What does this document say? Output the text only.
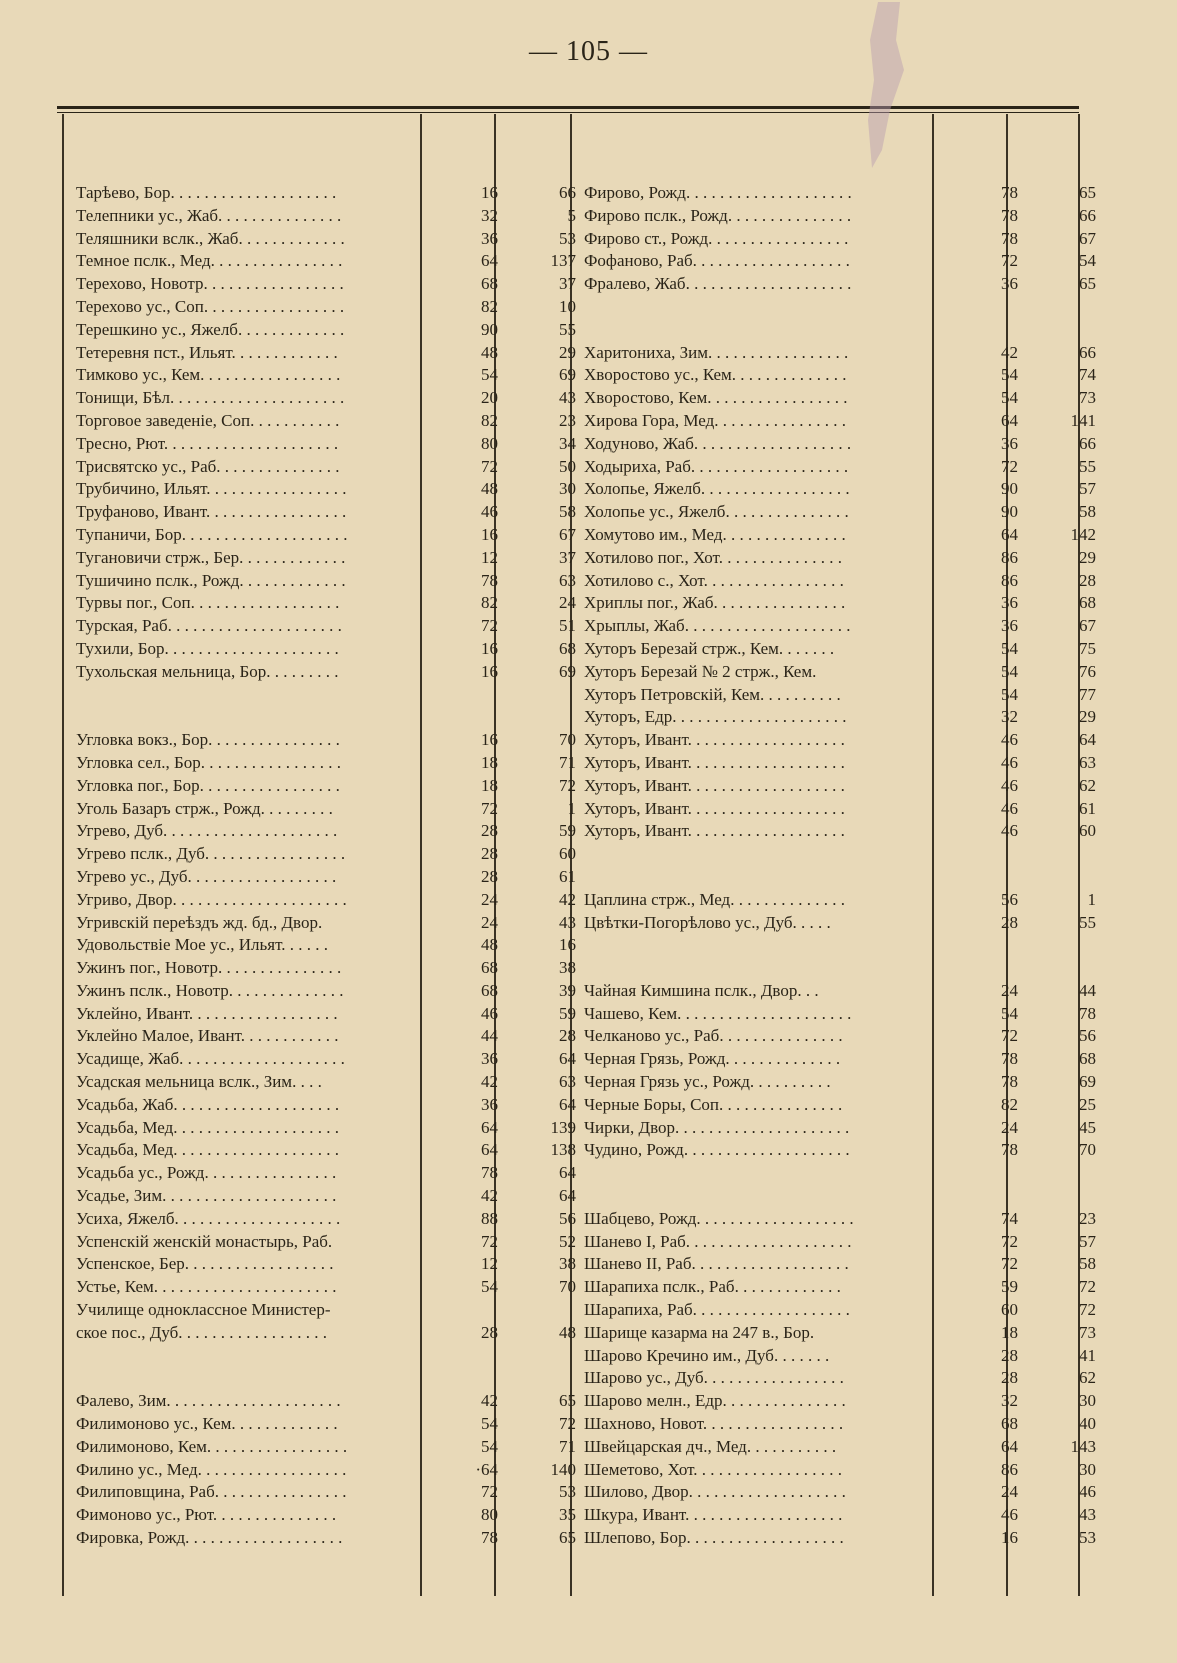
— 105 —
Тарѣево, Бор. . . . . . . . . . . . . . . . . . . .	16	66
Телепники ус., Жаб. . . . . . . . . . . . . . .	32	5
Теляшники вслк., Жаб. . . . . . . . . . . . .	36	53
Темное пслк., Мед. . . . . . . . . . . . . . . .	64	137
Терехово, Новотр. . . . . . . . . . . . . . . . .	68	37
Терехово ус., Соп. . . . . . . . . . . . . . . . .	82	10
Терешкино ус., Яжелб. . . . . . . . . . . . .	90	55
Тетеревня пст., Ильят. . . . . . . . . . . . .	48	29
Тимково ус., Кем. . . . . . . . . . . . . . . . .	54	69
Тонищи, Бѣл. . . . . . . . . . . . . . . . . . . . .	20	43
Торговое заведеніе, Соп. . . . . . . . . . .	82	23
Тресно, Рют. . . . . . . . . . . . . . . . . . . . .	80	34
Трисвятско ус., Раб. . . . . . . . . . . . . . .	72	50
Трубичино, Ильят. . . . . . . . . . . . . . . . .	48	30
Труфаново, Ивант. . . . . . . . . . . . . . . . .	46	58
Тупаничи, Бор. . . . . . . . . . . . . . . . . . . .	16	67
Тугановичи стрж., Бер. . . . . . . . . . . . .	12	37
Тушичино пслк., Рожд. . . . . . . . . . . . .	78	63
Турвы пог., Соп. . . . . . . . . . . . . . . . . .	82	24
Турская, Раб. . . . . . . . . . . . . . . . . . . . .	72	51
Тухили, Бор. . . . . . . . . . . . . . . . . . . . .	16	68
Тухольская мельница, Бор. . . . . . . . .	16	69
Угловка вокз., Бор. . . . . . . . . . . . . . . .	16	70
Угловка сел., Бор. . . . . . . . . . . . . . . . .	18	71
Угловка пог., Бор. . . . . . . . . . . . . . . . .	18	72
Уголь Базаръ стрж., Рожд. . . . . . . . .	72	1
Угрево, Дуб. . . . . . . . . . . . . . . . . . . . .	28	59
Угрево пслк., Дуб. . . . . . . . . . . . . . . . .	28	60
Угрево ус., Дуб. . . . . . . . . . . . . . . . . .	28	61
Угриво, Двор. . . . . . . . . . . . . . . . . . . . .	24	42
Угривскій переѣздъ жд. бд., Двор.	24	43
Удовольствіе Мое ус., Ильят. . . . . .	48	16
Ужинъ пог., Новотр. . . . . . . . . . . . . . .	68	38
Ужинъ пслк., Новотр. . . . . . . . . . . . . .	68	39
Уклейно, Ивант. . . . . . . . . . . . . . . . . .	46	59
Уклейно Малое, Ивант. . . . . . . . . . . .	44	28
Усадище, Жаб. . . . . . . . . . . . . . . . . . . .	36	64
Усадская мельница вслк., Зим. . . .	42	63
Усадьба, Жаб. . . . . . . . . . . . . . . . . . . .	36	64
Усадьба, Мед. . . . . . . . . . . . . . . . . . . .	64	139
Усадьба, Мед. . . . . . . . . . . . . . . . . . . .	64	138
Усадьба ус., Рожд. . . . . . . . . . . . . . . .	78	64
Усадье, Зим. . . . . . . . . . . . . . . . . . . . .	42	64
Усиха, Яжелб. . . . . . . . . . . . . . . . . . . .	88	56
Успенскій женскій монастырь, Раб.	72	52
Успенское, Бер. . . . . . . . . . . . . . . . . .	12	38
Устье, Кем. . . . . . . . . . . . . . . . . . . . . .	54	70
Училище одноклассное Министер-
ское пос., Дуб. . . . . . . . . . . . . . . . . .	28	48
Фалево, Зим. . . . . . . . . . . . . . . . . . . . .	42	65
Филимоново ус., Кем. . . . . . . . . . . . .	54	72
Филимоново, Кем. . . . . . . . . . . . . . . . .	54	71
Филино ус., Мед. . . . . . . . . . . . . . . . . .	·64	140
Филиповщина, Раб. . . . . . . . . . . . . . . .	72	53
Фимоново ус., Рют. . . . . . . . . . . . . . .	80	35
Фировка, Рожд. . . . . . . . . . . . . . . . . . .	78	65
Фирово, Рожд. . . . . . . . . . . . . . . . . . . .	78	65
Фирово пслк., Рожд. . . . . . . . . . . . . . .	78	66
Фирово ст., Рожд. . . . . . . . . . . . . . . . .	78	67
Фофаново, Раб. . . . . . . . . . . . . . . . . . .	72	54
Фралево, Жаб. . . . . . . . . . . . . . . . . . . .	36	65
Харитониха, Зим. . . . . . . . . . . . . . . . .	42	66
Хворостово ус., Кем. . . . . . . . . . . . . .	54	74
Хворостово, Кем. . . . . . . . . . . . . . . . .	54	73
Хирова Гора, Мед. . . . . . . . . . . . . . . .	64	141
Ходуново, Жаб. . . . . . . . . . . . . . . . . . .	36	66
Ходыриха, Раб. . . . . . . . . . . . . . . . . . .	72	55
Холопье, Яжелб. . . . . . . . . . . . . . . . . .	90	57
Холопье ус., Яжелб. . . . . . . . . . . . . . .	90	58
Хомутово им., Мед. . . . . . . . . . . . . . .	64	142
Хотилово пог., Хот. . . . . . . . . . . . . . .	86	29
Хотилово с., Хот. . . . . . . . . . . . . . . . .	86	28
Хриплы пог., Жаб. . . . . . . . . . . . . . . .	36	68
Хрыплы, Жаб. . . . . . . . . . . . . . . . . . . .	36	67
Хуторъ Березай стрж., Кем. . . . . . .	54	75
Хуторъ Березай № 2 стрж., Кем.	54	76
Хуторъ Петровскій, Кем. . . . . . . . . .	54	77
Хуторъ, Едр. . . . . . . . . . . . . . . . . . . . .	32	29
Хуторъ, Ивант. . . . . . . . . . . . . . . . . . .	46	64
Хуторъ, Ивант. . . . . . . . . . . . . . . . . . .	46	63
Хуторъ, Ивант. . . . . . . . . . . . . . . . . . .	46	62
Хуторъ, Ивант. . . . . . . . . . . . . . . . . . .	46	61
Хуторъ, Ивант. . . . . . . . . . . . . . . . . . .	46	60
Цаплина стрж., Мед. . . . . . . . . . . . . .	56	1
Цвѣтки-Погорѣлово ус., Дуб. . . . .	28	55
Чайная Кимшина пслк., Двор. . .	24	44
Чашево, Кем. . . . . . . . . . . . . . . . . . . . .	54	78
Челканово ус., Раб. . . . . . . . . . . . . . .	72	56
Черная Грязь, Рожд. . . . . . . . . . . . . .	78	68
Черная Грязь ус., Рожд. . . . . . . . . .	78	69
Черные Боры, Соп. . . . . . . . . . . . . . .	82	25
Чирки, Двор. . . . . . . . . . . . . . . . . . . . .	24	45
Чудино, Рожд. . . . . . . . . . . . . . . . . . . .	78	70
Шабцево, Рожд. . . . . . . . . . . . . . . . . . .	74	23
Шанево I, Раб. . . . . . . . . . . . . . . . . . . .	72	57
Шанево II, Раб. . . . . . . . . . . . . . . . . . .	72	58
Шарапиха пслк., Раб. . . . . . . . . . . . .	59	72
Шарапиха, Раб. . . . . . . . . . . . . . . . . . .	60	72
Шарище казарма на 247 в., Бор.	18	73
Шарово Кречино им., Дуб. . . . . . .	28	41
Шарово ус., Дуб. . . . . . . . . . . . . . . . .	28	62
Шарово мелн., Едр. . . . . . . . . . . . . . .	32	30
Шахново, Новот. . . . . . . . . . . . . . . . .	68	40
Швейцарская дч., Мед. . . . . . . . . . .	64	143
Шеметово, Хот. . . . . . . . . . . . . . . . . .	86	30
Шилово, Двор. . . . . . . . . . . . . . . . . . .	24	46
Шкура, Ивант. . . . . . . . . . . . . . . . . . .	46	43
Шлепово, Бор. . . . . . . . . . . . . . . . . . .	16	53
